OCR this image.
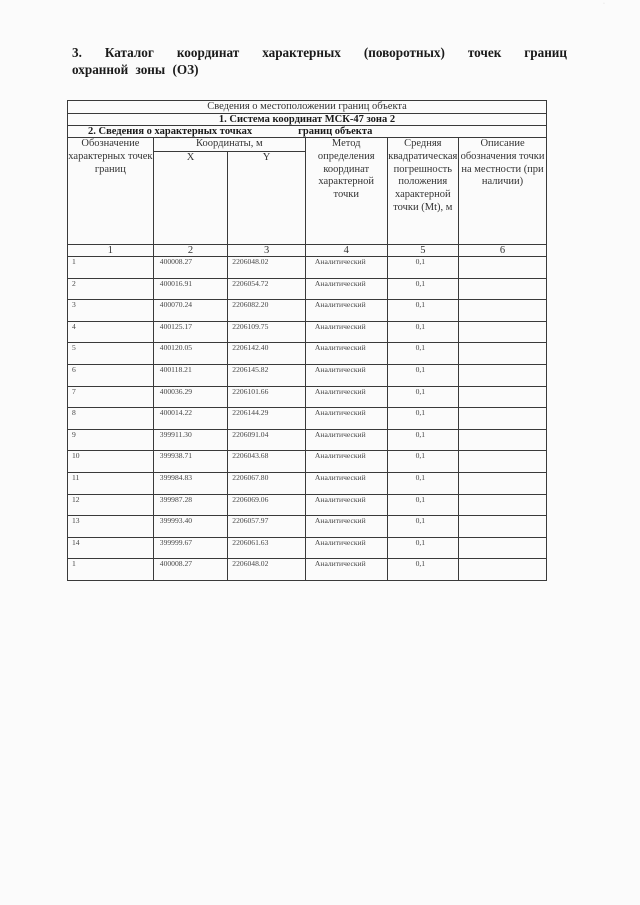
3. Каталог координат характерных (поворотных) точек границ
охранной зоны (ОЗ)
Сведения о местоположении границ объекта					
1. Система координат МСК-47 зона 2					
2. Сведения о характерных точках границ объекта					
Обозначение характерных точек границ	Координаты, м		Метод определения координат характерной точки	Средняя квадратическая погрешность положения характерной точки (Mt), м	Описание обозначения точки на местности (при наличии)
	X	Y			
1	2	3	4	5	6
1	400008.27	2206048.02	Аналитический	0,1	
2	400016.91	2206054.72	Аналитический	0,1	
3	400070.24	2206082.20	Аналитический	0,1	
4	400125.17	2206109.75	Аналитический	0,1	
5	400120.05	2206142.40	Аналитический	0,1	
6	400118.21	2206145.82	Аналитический	0,1	
7	400036.29	2206101.66	Аналитический	0,1	
8	400014.22	2206144.29	Аналитический	0,1	
9	399911.30	2206091.04	Аналитический	0,1	
10	399938.71	2206043.68	Аналитический	0,1	
11	399984.83	2206067.80	Аналитический	0,1	
12	399987.28	2206069.06	Аналитический	0,1	
13	399993.40	2206057.97	Аналитический	0,1	
14	399999.67	2206061.63	Аналитический	0,1	
1	400008.27	2206048.02	Аналитический	0,1	
·
